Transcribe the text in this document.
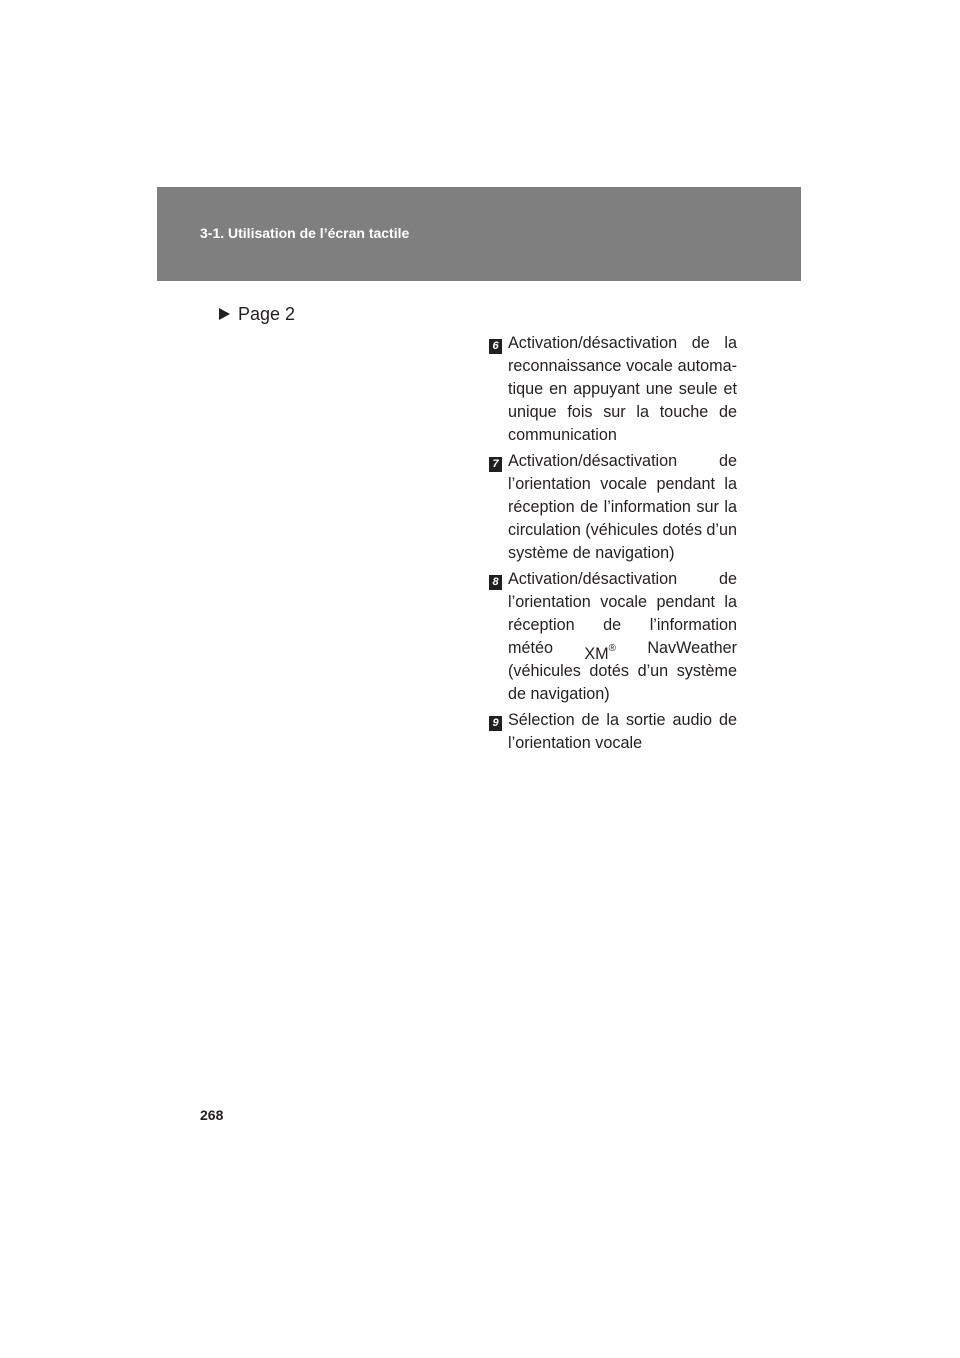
3-1. Utilisation de l’écran tactile
Page 2
6 Activation/désactivation de la
reconnaissance vocale automa-
tique en appuyant une seule et
unique fois sur la touche de
communication
7 Activation/désactivation	de
l’orientation vocale pendant la
réception de l’information sur la
circulation (véhicules dotés d’un
système de navigation)
8 Activation/désactivation	de
l’orientation vocale pendant la
réception de l’information
météo XM® NavWeather
(véhicules dotés d’un système
de navigation)
9 Sélection de la sortie audio de
l’orientation vocale
268
